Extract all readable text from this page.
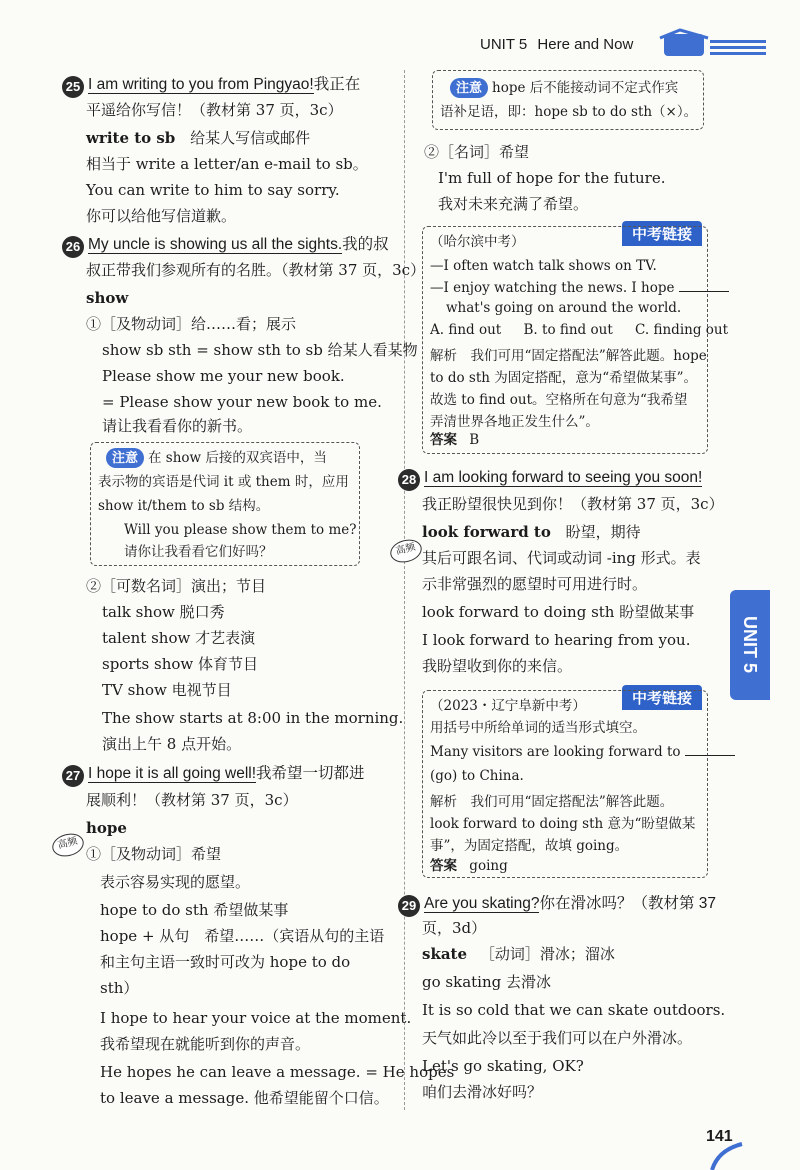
UNIT 5 Here and Now
25 I am writing to you from Pingyao!我正在
平遥给你写信！（教材第 37 页，3c）
write to sb 给某人写信或邮件
相当于 write a letter/an e-mail to sb。
You can write to him to say sorry.
你可以给他写信道歉。
26 My uncle is showing us all the sights.我的叔
叔正带我们参观所有的名胜。（教材第 37 页，3c）
show
①［及物动词］给……看；展示
show sb sth = show sth to sb 给某人看某物
Please show me your new book.
= Please show your new book to me.
请让我看看你的新书。
注意 在 show 后接的双宾语中，当
表示物的宾语是代词 it 或 them 时，应用
show it/them to sb 结构。
Will you please show them to me?
请你让我看看它们好吗？
②［可数名词］演出；节目
talk show 脱口秀
talent show 才艺表演
sports show 体育节目
TV show 电视节目
The show starts at 8:00 in the morning.
演出上午 8 点开始。
27 I hope it is all going well!我希望一切都进
展顺利！（教材第 37 页，3c）
高频
hope
①［及物动词］希望
表示容易实现的愿望。
hope to do sth 希望做某事
hope + 从句　希望……（宾语从句的主语
和主句主语一致时可改为 hope to do
sth）
I hope to hear your voice at the moment.
我希望现在就能听到你的声音。
He hopes he can leave a message. = He hopes
to leave a message. 他希望能留个口信。
注意 hope 后不能接动词不定式作宾
语补足语，即：hope sb to do sth（×）。
②［名词］希望
I'm full of hope for the future.
我对未来充满了希望。
中考链接
（哈尔滨中考）
—I often watch talk shows on TV.
—I enjoy watching the news. I hope
what's going on around the world.
A. find out B. to find out C. finding out
解析　我们可用“固定搭配法”解答此题。hope
to do sth 为固定搭配，意为“希望做某事”。
故选 to find out。空格所在句意为“我希望
弄清世界各地正发生什么”。
答案 B
28 I am looking forward to seeing you soon!
我正盼望很快见到你！（教材第 37 页，3c）
高频
look forward to 盼望，期待
其后可跟名词、代词或动词 -ing 形式。表
示非常强烈的愿望时可用进行时。
look forward to doing sth 盼望做某事
I look forward to hearing from you.
我盼望收到你的来信。
中考链接
（2023・辽宁阜新中考）
用括号中所给单词的适当形式填空。
Many visitors are looking forward to
(go) to China.
解析　我们可用“固定搭配法”解答此题。
look forward to doing sth 意为“盼望做某
事”，为固定搭配，故填 going。
答案 going
29 Are you skating?你在滑冰吗？（教材第 37
页，3d）
skate ［动词］滑冰；溜冰
go skating 去滑冰
It is so cold that we can skate outdoors.
天气如此冷以至于我们可以在户外滑冰。
Let's go skating, OK?
咱们去滑冰好吗？
UNIT 5
141
